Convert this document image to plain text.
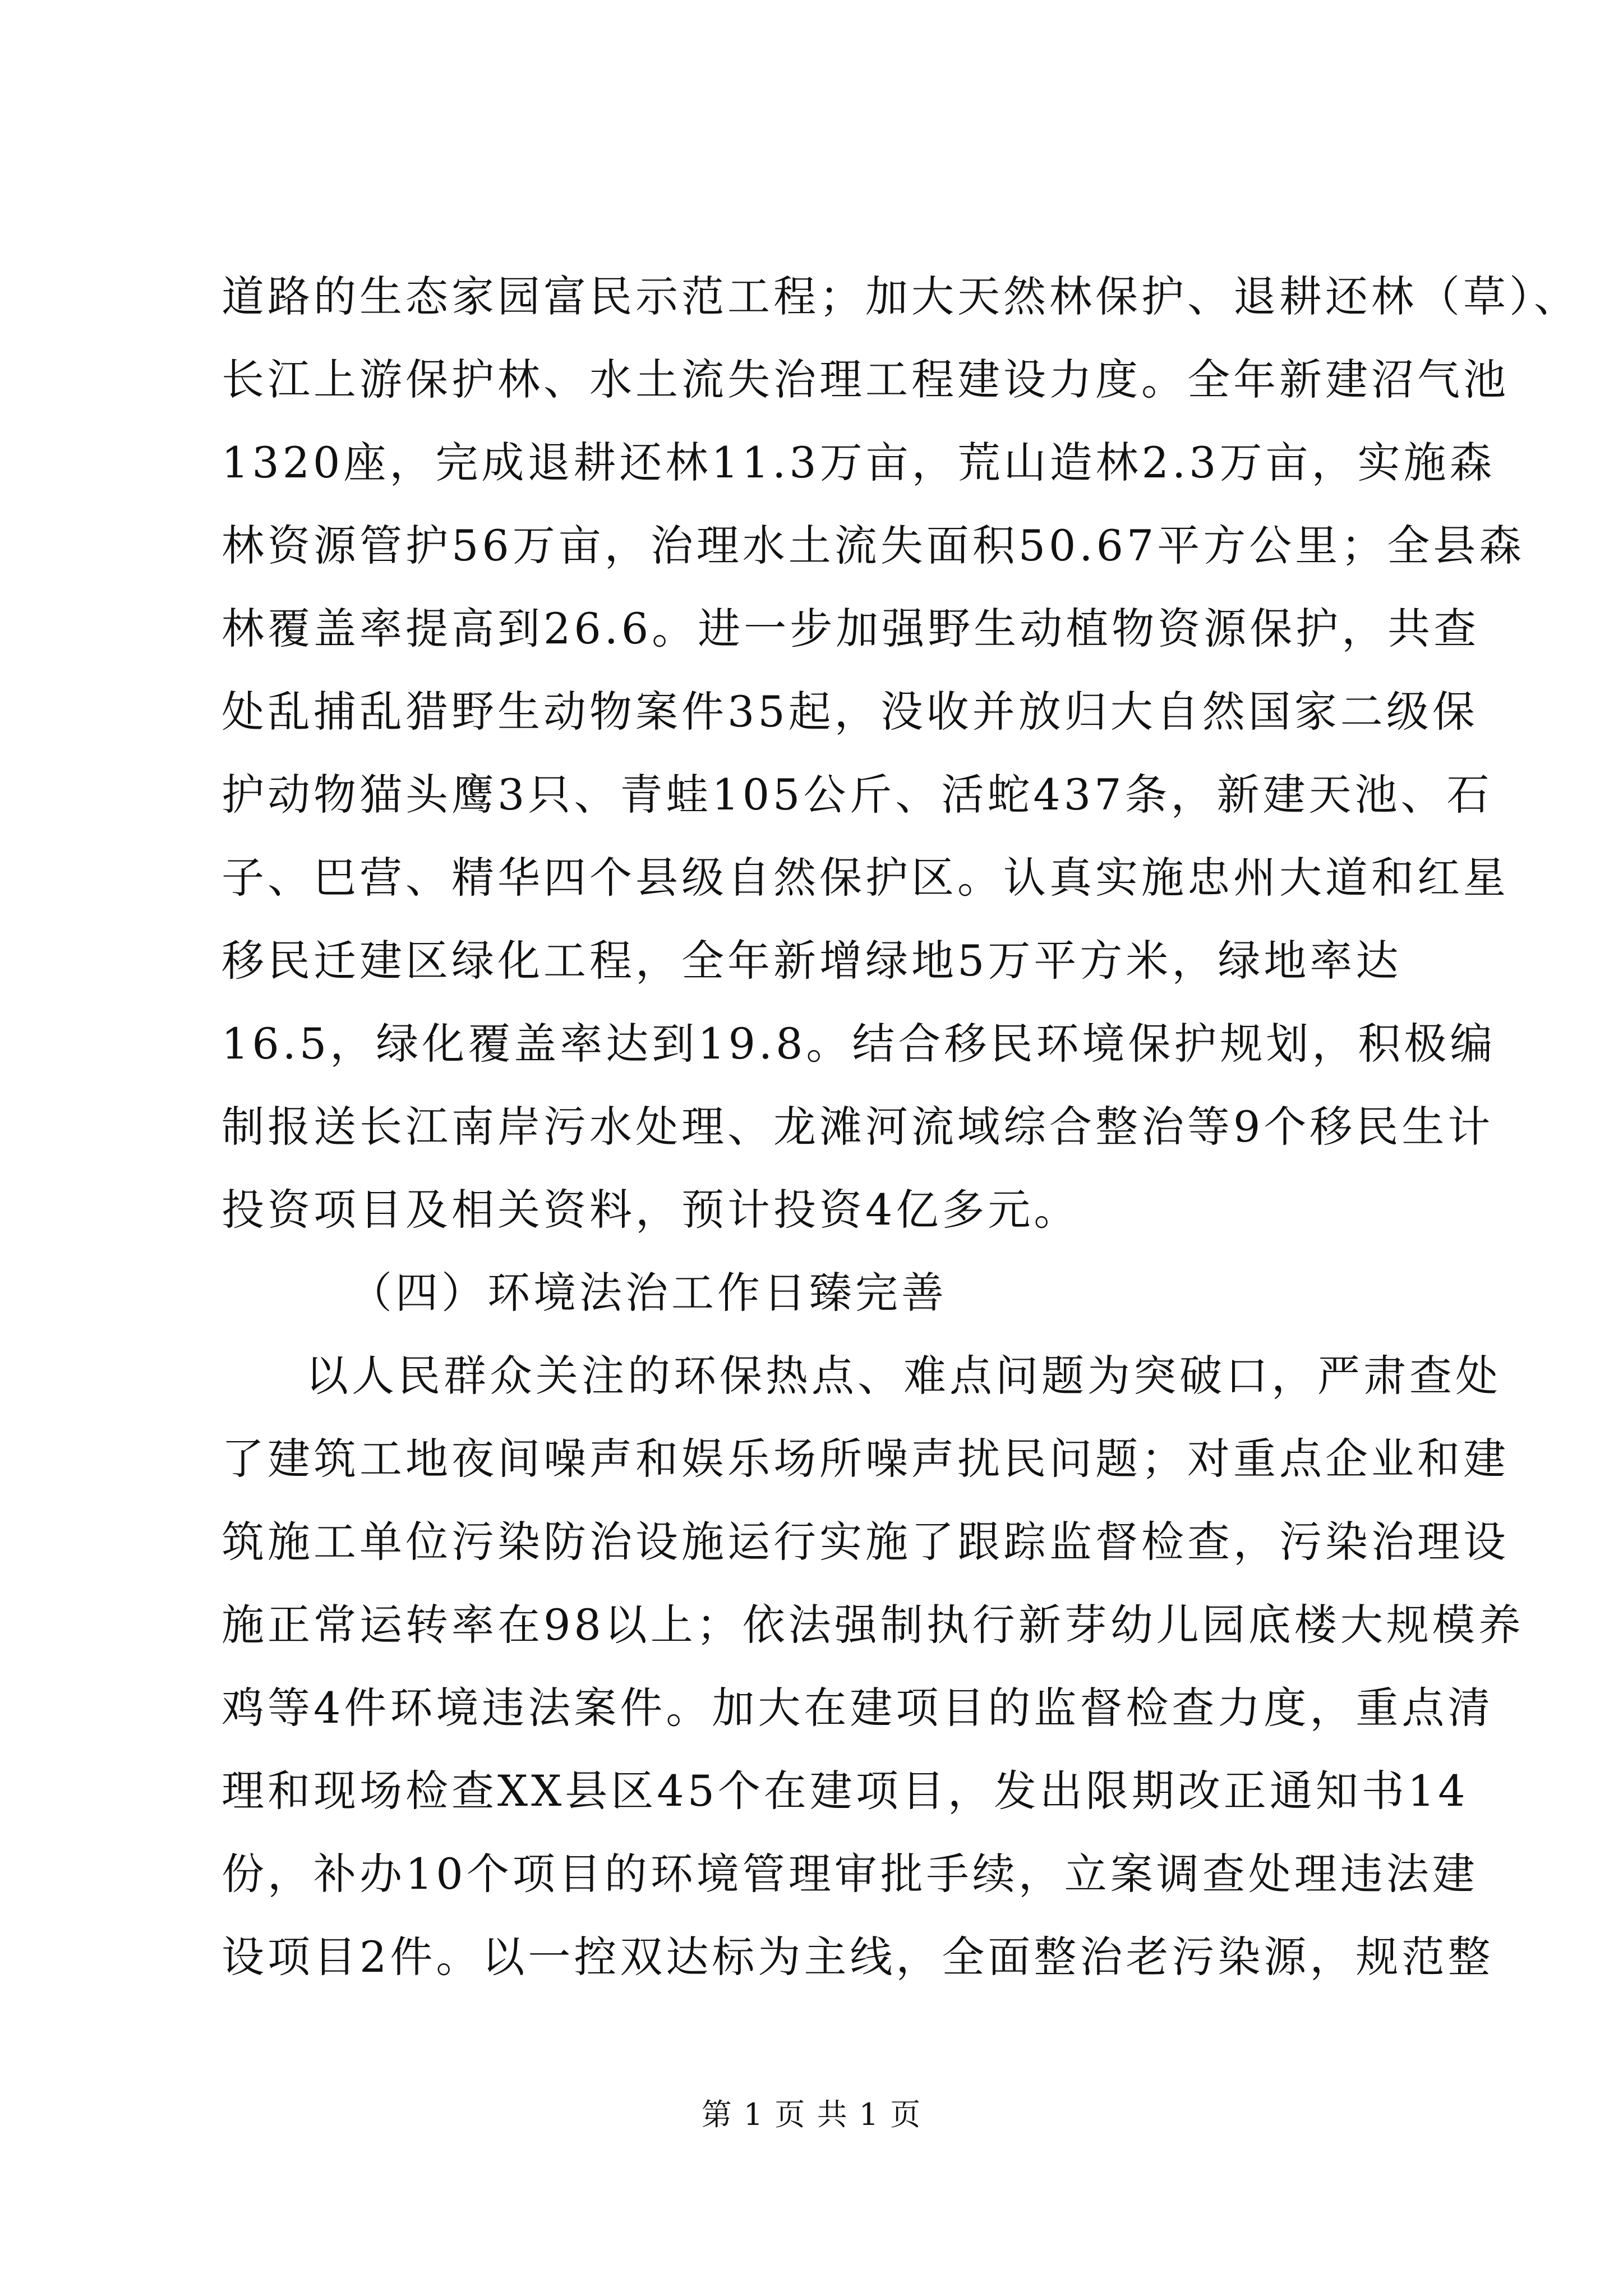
道路的生态家园富民示范工程；加大天然林保护、退耕还林（草）、
长江上游保护林、水土流失治理工程建设力度。全年新建沼气池
1320座，完成退耕还林11.3万亩，荒山造林2.3万亩，实施森
林资源管护56万亩，治理水土流失面积50.67平方公里；全县森
林覆盖率提高到26.6。进一步加强野生动植物资源保护，共查
处乱捕乱猎野生动物案件35起，没收并放归大自然国家二级保
护动物猫头鹰3只、青蛙105公斤、活蛇437条，新建天池、石
子、巴营、精华四个县级自然保护区。认真实施忠州大道和红星
移民迁建区绿化工程，全年新增绿地5万平方米，绿地率达
16.5，绿化覆盖率达到19.8。结合移民环境保护规划，积极编
制报送长江南岸污水处理、龙滩河流域综合整治等9个移民生计
投资项目及相关资料，预计投资4亿多元。
（四）环境法治工作日臻完善
以人民群众关注的环保热点、难点问题为突破口，严肃查处
了建筑工地夜间噪声和娱乐场所噪声扰民问题；对重点企业和建
筑施工单位污染防治设施运行实施了跟踪监督检查，污染治理设
施正常运转率在98以上；依法强制执行新芽幼儿园底楼大规模养
鸡等4件环境违法案件。加大在建项目的监督检查力度，重点清
理和现场检查XX县区45个在建项目，发出限期改正通知书14
份，补办10个项目的环境管理审批手续，立案调查处理违法建
设项目2件。以一控双达标为主线，全面整治老污染源，规范整
第 1 页 共 1 页
